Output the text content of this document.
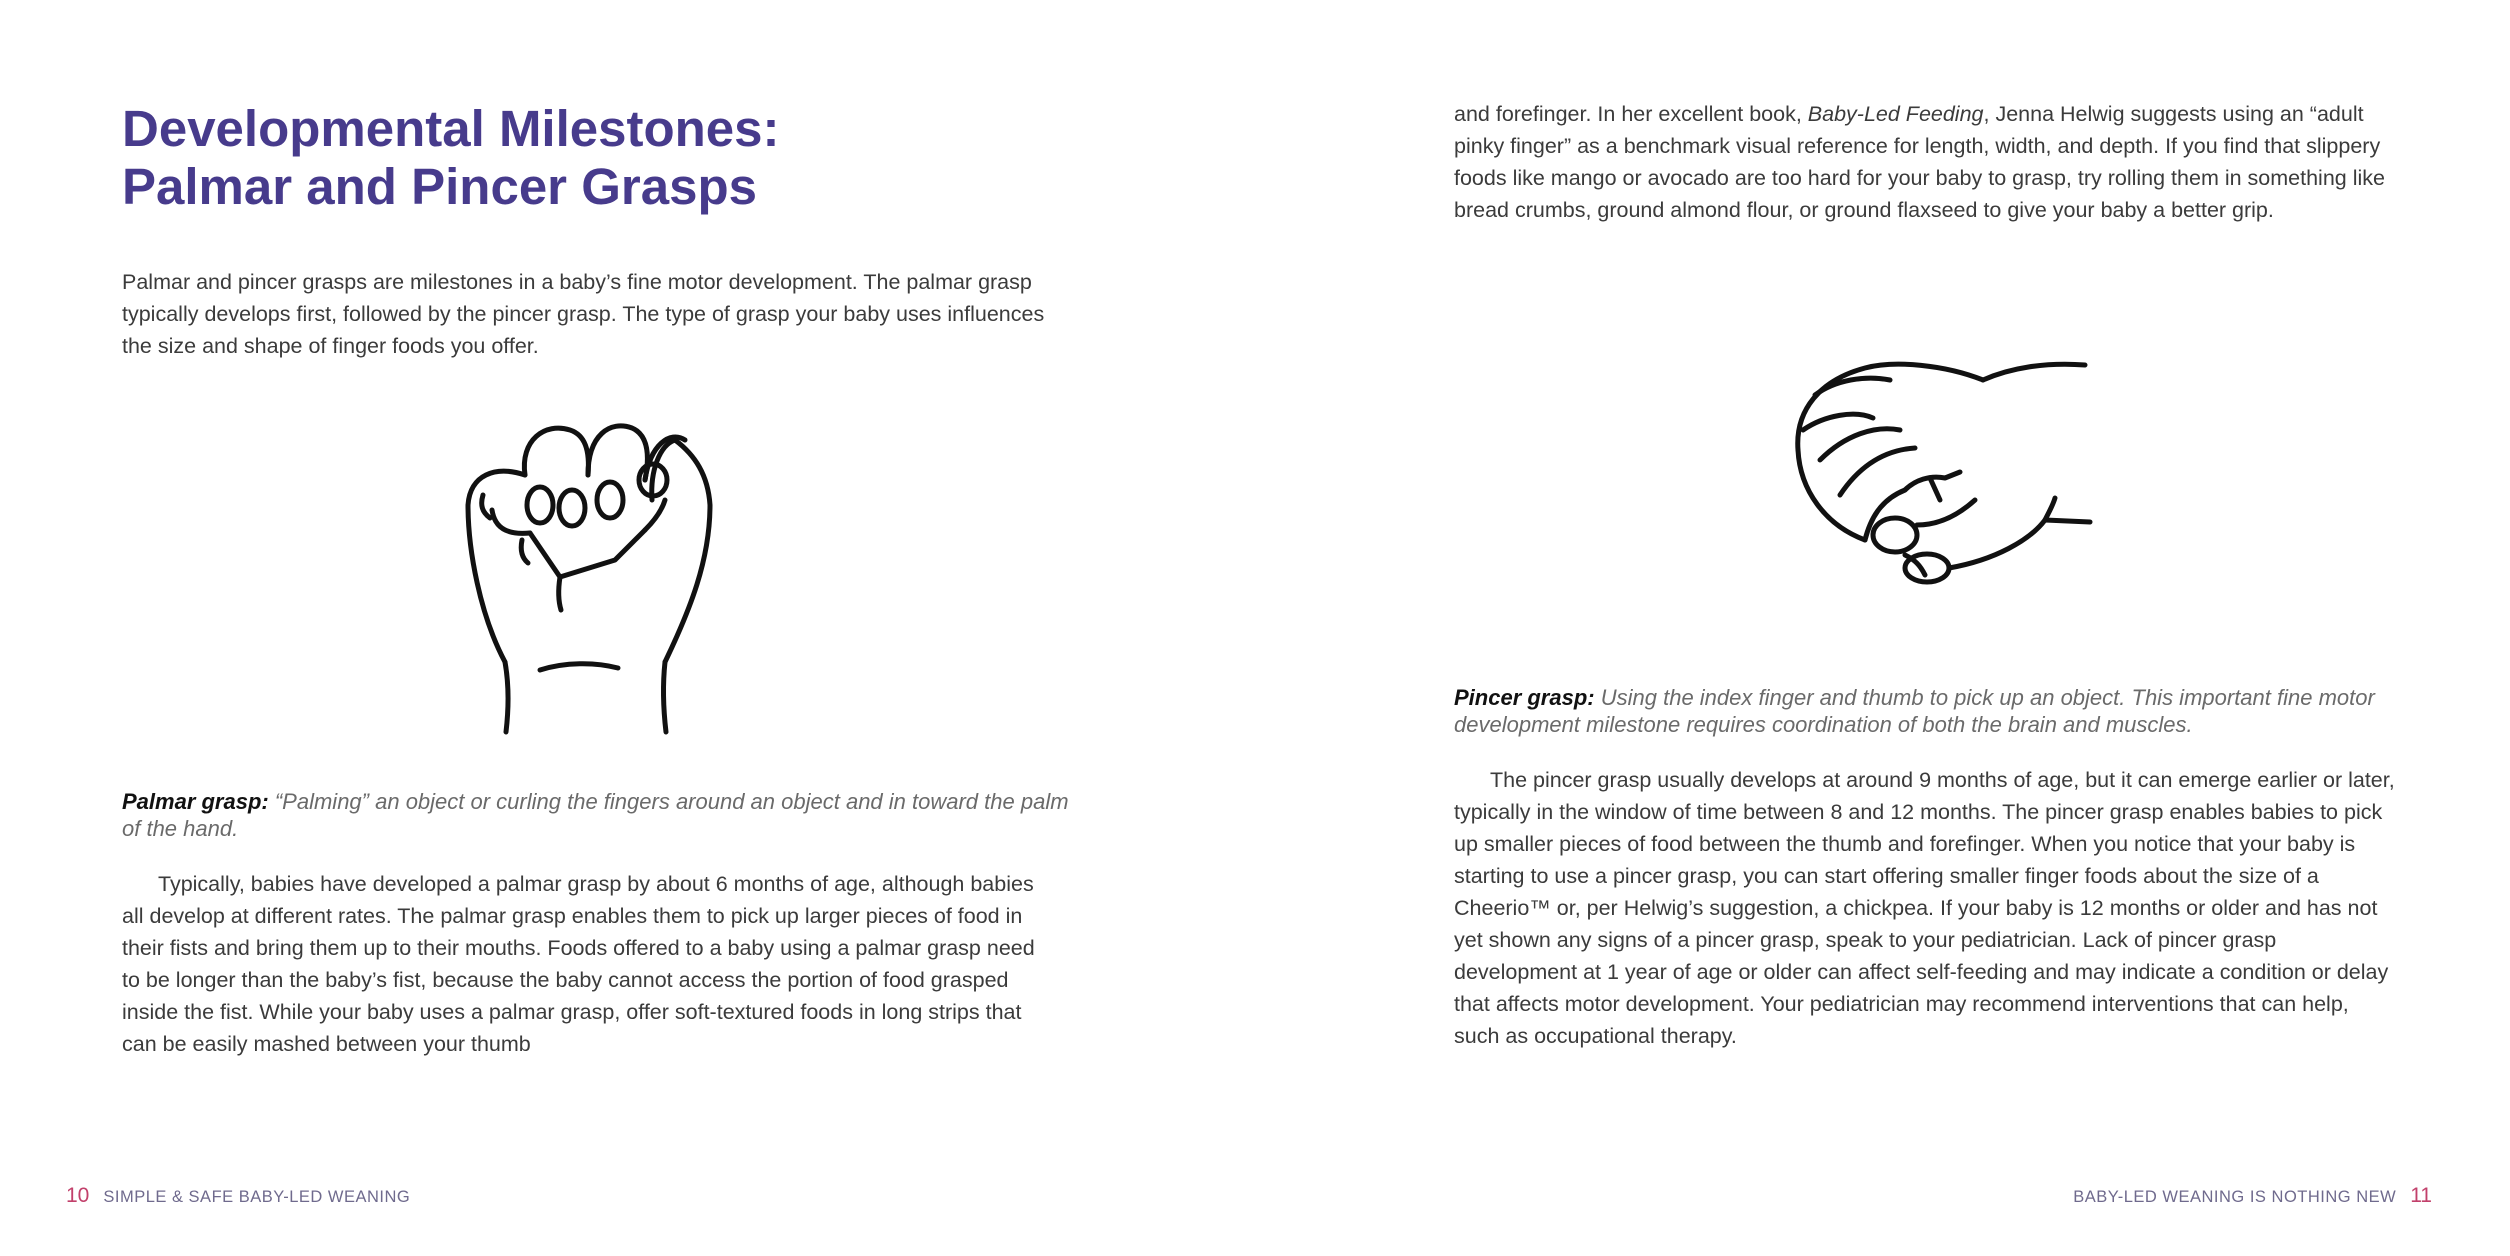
Developmental Milestones:
Palmar and Pincer Grasps

Palmar and pincer grasps are milestones in a baby’s fine motor development. The palmar grasp typically develops first, followed by the pincer grasp. The type of grasp your baby uses influences the size and shape of finger foods you offer.

Palmar grasp: “Palming” an object or curling the fingers around an object and in toward the palm of the hand.

Typically, babies have developed a palmar grasp by about 6 months of age, although babies all develop at different rates. The palmar grasp enables them to pick up larger pieces of food in their fists and bring them up to their mouths. Foods offered to a baby using a palmar grasp need to be longer than the baby’s fist, because the baby cannot access the portion of food grasped inside the fist. While your baby uses a palmar grasp, offer soft-textured foods in long strips that can be easily mashed between your thumb

10 SIMPLE & SAFE BABY-LED WEANING

and forefinger. In her excellent book, Baby-Led Feeding, Jenna Helwig suggests using an “adult pinky finger” as a benchmark visual reference for length, width, and depth. If you find that slippery foods like mango or avocado are too hard for your baby to grasp, try rolling them in something like bread crumbs, ground almond flour, or ground flaxseed to give your baby a better grip.

Pincer grasp: Using the index finger and thumb to pick up an object. This important fine motor development milestone requires coordination of both the brain and muscles.

The pincer grasp usually develops at around 9 months of age, but it can emerge earlier or later, typically in the window of time between 8 and 12 months. The pincer grasp enables babies to pick up smaller pieces of food between the thumb and forefinger. When you notice that your baby is starting to use a pincer grasp, you can start offering smaller finger foods about the size of a Cheerio™ or, per Helwig’s suggestion, a chickpea. If your baby is 12 months or older and has not yet shown any signs of a pincer grasp, speak to your pediatrician. Lack of pincer grasp development at 1 year of age or older can affect self-feeding and may indicate a condition or delay that affects motor development. Your pediatrician may recommend interventions that can help, such as occupational therapy.

BABY-LED WEANING IS NOTHING NEW 11
